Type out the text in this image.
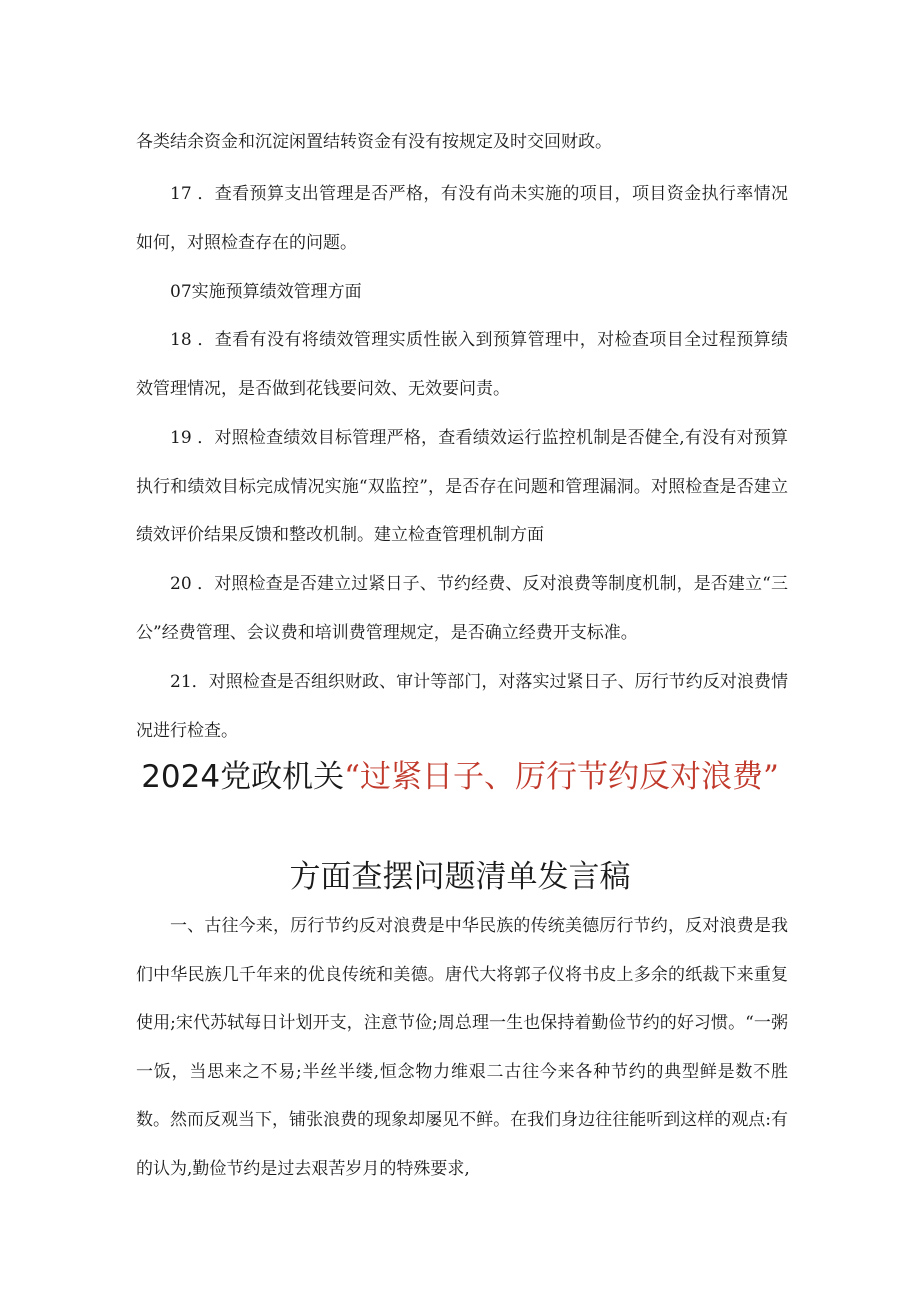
各类结余资金和沉淀闲置结转资金有没有按规定及时交回财政。

17 ．查看预算支出管理是否严格，有没有尚未实施的项目，项目资金执行率情况如何，对照检查存在的问题。

07实施预算绩效管理方面

18 ．查看有没有将绩效管理实质性嵌入到预算管理中，对检查项目全过程预算绩效管理情况，是否做到花钱要问效、无效要问责。

19 ．对照检查绩效目标管理严格，查看绩效运行监控机制是否健全,有没有对预算执行和绩效目标完成情况实施“双监控”，是否存在问题和管理漏洞。对照检查是否建立绩效评价结果反馈和整改机制。建立检查管理机制方面

20 ．对照检查是否建立过紧日子、节约经费、反对浪费等制度机制，是否建立“三公”经费管理、会议费和培训费管理规定，是否确立经费开支标准。

21．对照检查是否组织财政、审计等部门，对落实过紧日子、厉行节约反对浪费情况进行检查。

2024党政机关“过紧日子、厉行节约反对浪费”
方面查摆问题清单发言稿

一、古往今来，厉行节约反对浪费是中华民族的传统美德厉行节约，反对浪费是我们中华民族几千年来的优良传统和美德。唐代大将郭子仪将书皮上多余的纸裁下来重复使用;宋代苏轼每日计划开支，注意节俭;周总理一生也保持着勤俭节约的好习惯。“一粥一饭，当思来之不易;半丝半缕,恒念物力维艰二古往今来各种节约的典型鲜是数不胜数。然而反观当下，铺张浪费的现象却屡见不鲜。在我们身边往往能听到这样的观点:有的认为,勤俭节约是过去艰苦岁月的特殊要求,
